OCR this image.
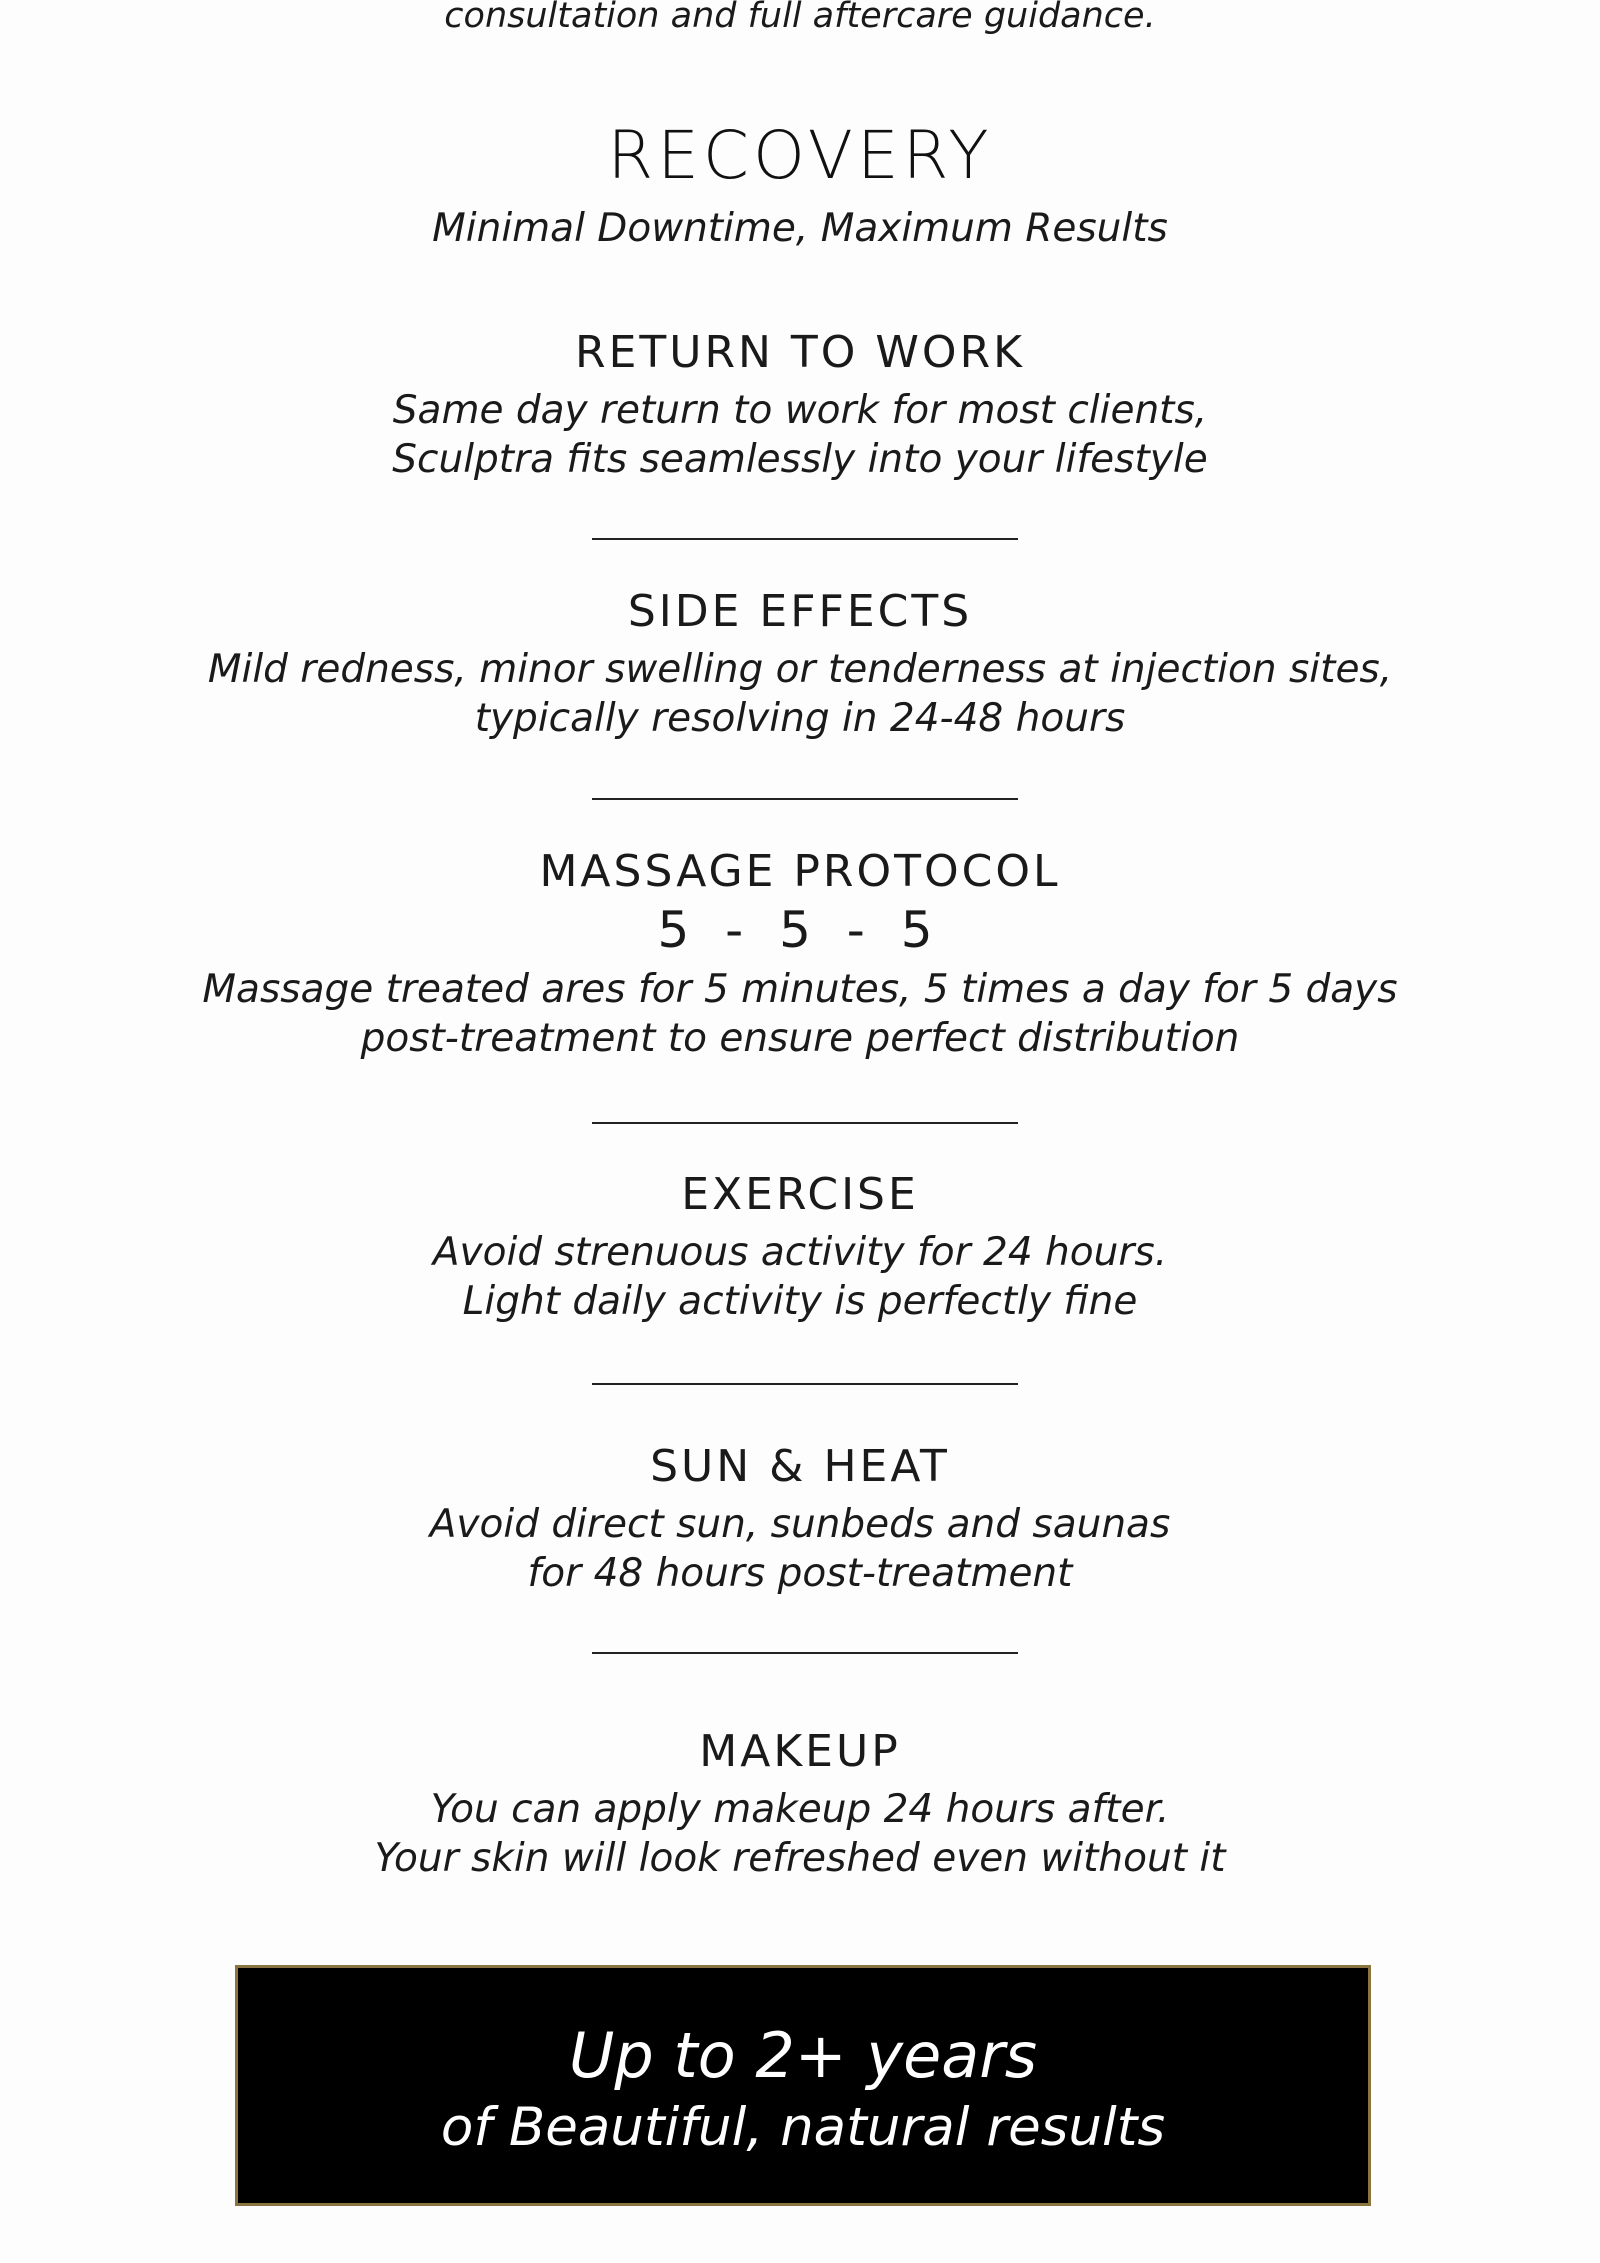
consultation and full aftercare guidance.
RECOVERY
Minimal Downtime, Maximum Results
RETURN TO WORK
Same day return to work for most clients,
Sculptra fits seamlessly into your lifestyle
SIDE EFFECTS
Mild redness, minor swelling or tenderness at injection sites,
typically resolving in 24-48 hours
MASSAGE PROTOCOL
5 - 5 - 5
Massage treated ares for 5 minutes, 5 times a day for 5 days
post-treatment to ensure perfect distribution
EXERCISE
Avoid strenuous activity for 24 hours.
Light daily activity is perfectly fine
SUN & HEAT
Avoid direct sun, sunbeds and saunas
for 48 hours post-treatment
MAKEUP
You can apply makeup 24 hours after.
Your skin will look refreshed even without it
Up to 2+ years
of Beautiful, natural results
